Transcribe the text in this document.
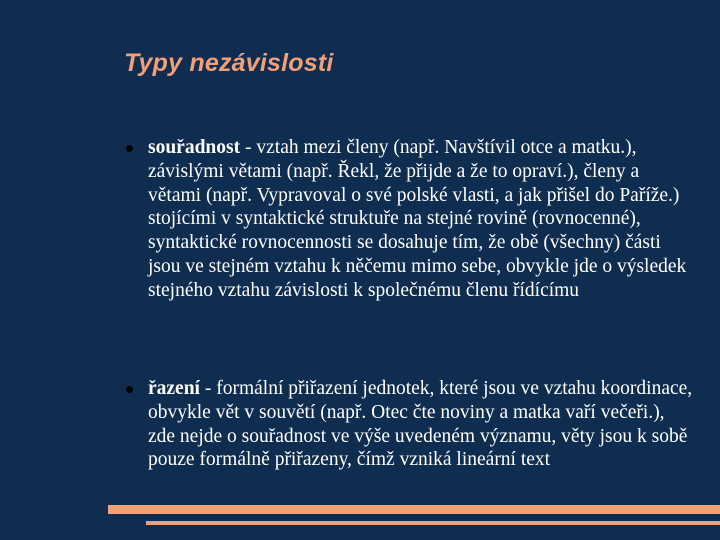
Typy nezávislosti
souřadnost - vztah mezi členy (např. Navštívil otce a matku.), závislými větami (např. Řekl, že přijde a že to opraví.), členy a větami (např. Vypravoval o své polské vlasti, a jak přišel do Paříže.) stojícími v syntaktické struktuře na stejné rovině (rovnocenné), syntaktické rovnocennosti se dosahuje tím, že obě (všechny) části jsou ve stejném vztahu k něčemu mimo sebe, obvykle jde o výsledek stejného vztahu závislosti k společnému členu řídícímu
řazení - formální přiřazení jednotek, které jsou ve vztahu koordinace, obvykle vět v souvětí (např. Otec čte noviny a matka vaří večeři.), zde nejde o souřadnost ve výše uvedeném významu, věty jsou k sobě pouze formálně přiřazeny, čímž vzniká lineární text
